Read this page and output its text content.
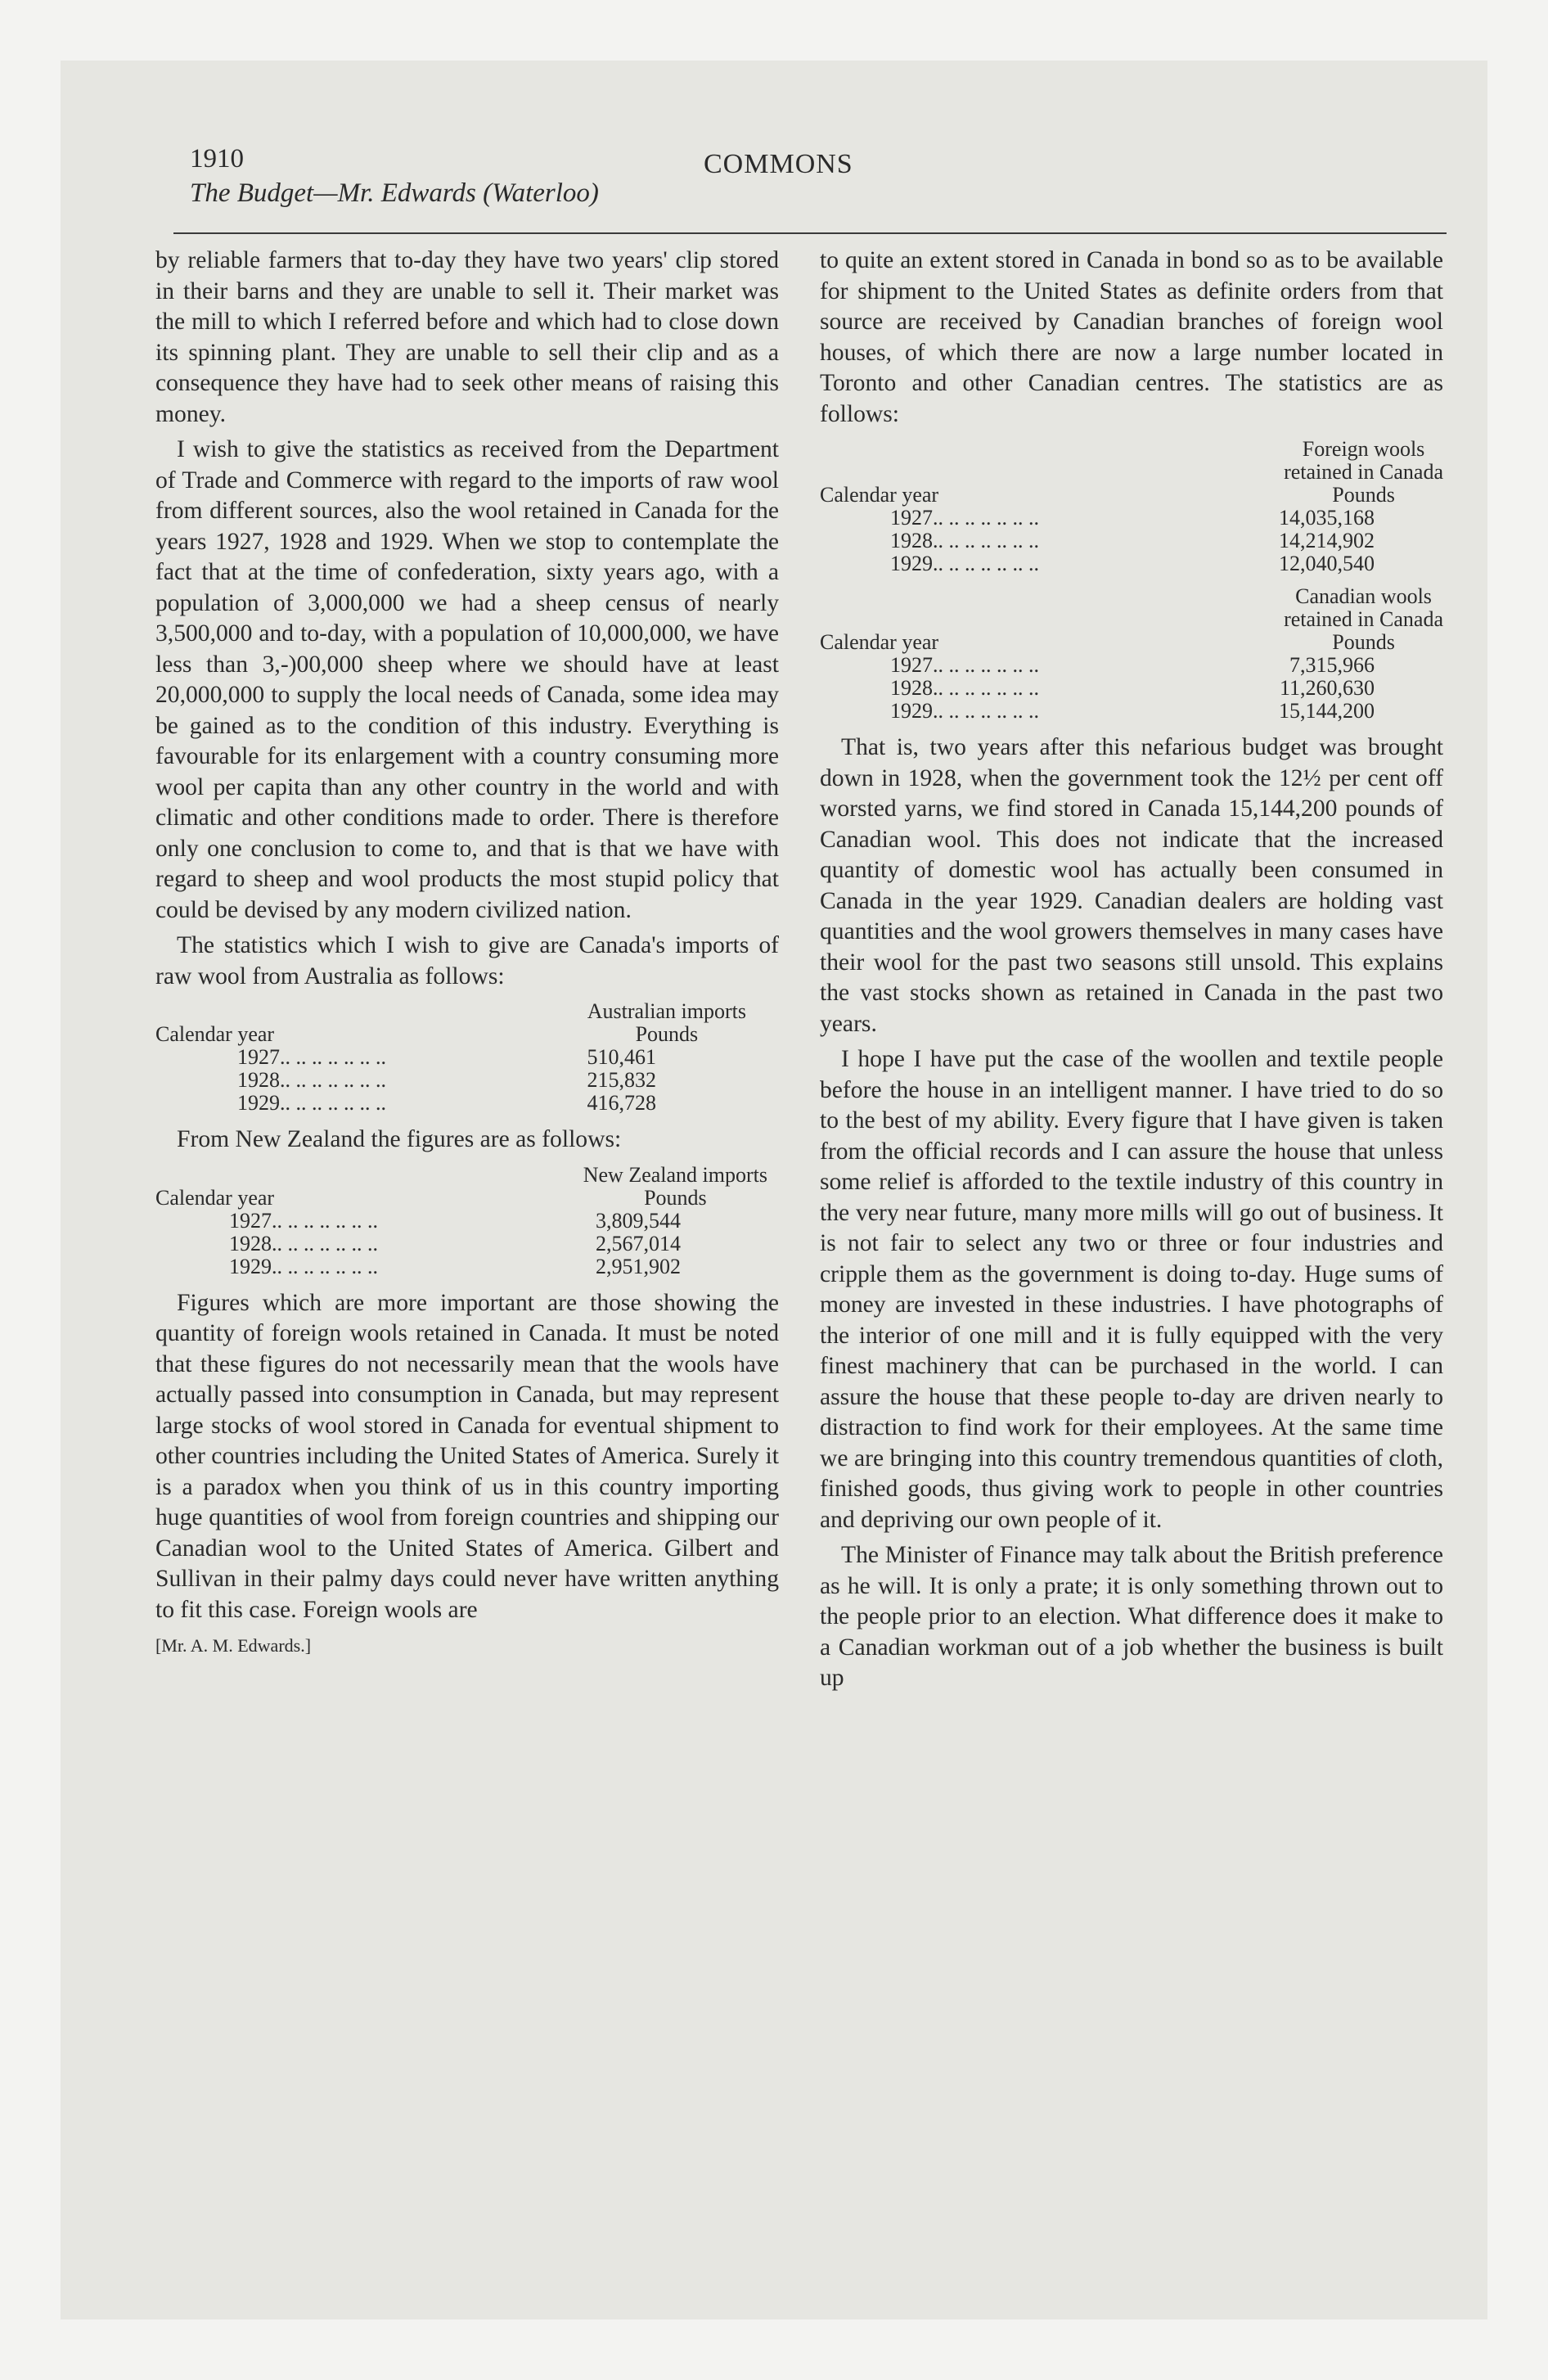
1910	COMMONS
The Budget—Mr. Edwards (Waterloo)

by reliable farmers that to-day they have two years' clip stored in their barns and they are unable to sell it. Their market was the mill to which I referred before and which had to close down its spinning plant. They are unable to sell their clip and as a consequence they have had to seek other means of raising this money.

I wish to give the statistics as received from the Department of Trade and Commerce with regard to the imports of raw wool from different sources, also the wool retained in Canada for the years 1927, 1928 and 1929. When we stop to contemplate the fact that at the time of confederation, sixty years ago, with a population of 3,000,000 we had a sheep census of nearly 3,500,000 and to-day, with a population of 10,000,000, we have less than 3,-)00,000 sheep where we should have at least 20,000,000 to supply the local needs of Canada, some idea may be gained as to the condition of this industry. Everything is favourable for its enlargement with a country consuming more wool per capita than any other country in the world and with climatic and other conditions made to order. There is therefore only one conclusion to come to, and that is that we have with regard to sheep and wool products the most stupid policy that could be devised by any modern civilized nation.

The statistics which I wish to give are Canada's imports of raw wool from Australia as follows:

Calendar year
Australian imports
Pounds
1927.. .. .. .. .. .. ..	510,461
1928.. .. .. .. .. .. ..	215,832
1929.. .. .. .. .. .. ..	416,728

From New Zealand the figures are as follows:

Calendar year
New Zealand imports
Pounds
1927.. .. .. .. .. .. ..	3,809,544
1928.. .. .. .. .. .. ..	2,567,014
1929.. .. .. .. .. .. ..	2,951,902

Figures which are more important are those showing the quantity of foreign wools retained in Canada. It must be noted that these figures do not necessarily mean that the wools have actually passed into consumption in Canada, but may represent large stocks of wool stored in Canada for eventual shipment to other countries including the United States of America. Surely it is a paradox when you think of us in this country importing huge quantities of wool from foreign countries and shipping our Canadian wool to the United States of America. Gilbert and Sullivan in their palmy days could never have written anything to fit this case. Foreign wools are

[Mr. A. M. Edwards.]

to quite an extent stored in Canada in bond so as to be available for shipment to the United States as definite orders from that source are received by Canadian branches of foreign wool houses, of which there are now a large number located in Toronto and other Canadian centres. The statistics are as follows:

Calendar year
Foreign wools
retained in Canada
Pounds
1927.. .. .. .. .. .. ..	14,035,168
1928.. .. .. .. .. .. ..	14,214,902
1929.. .. .. .. .. .. ..	12,040,540
Calendar year
Canadian wools
retained in Canada
Pounds
1927.. .. .. .. .. .. ..	7,315,966
1928.. .. .. .. .. .. ..	11,260,630
1929.. .. .. .. .. .. ..	15,144,200

That is, two years after this nefarious budget was brought down in 1928, when the government took the 12½ per cent off worsted yarns, we find stored in Canada 15,144,200 pounds of Canadian wool. This does not indicate that the increased quantity of domestic wool has actually been consumed in Canada in the year 1929. Canadian dealers are holding vast quantities and the wool growers themselves in many cases have their wool for the past two seasons still unsold. This explains the vast stocks shown as retained in Canada in the past two years.

I hope I have put the case of the woollen and textile people before the house in an intelligent manner. I have tried to do so to the best of my ability. Every figure that I have given is taken from the official records and I can assure the house that unless some relief is afforded to the textile industry of this country in the very near future, many more mills will go out of business. It is not fair to select any two or three or four industries and cripple them as the government is doing to-day. Huge sums of money are invested in these industries. I have photographs of the interior of one mill and it is fully equipped with the very finest machinery that can be purchased in the world. I can assure the house that these people to-day are driven nearly to distraction to find work for their employees. At the same time we are bringing into this country tremendous quantities of cloth, finished goods, thus giving work to people in other countries and depriving our own people of it.

The Minister of Finance may talk about the British preference as he will. It is only a prate; it is only something thrown out to the people prior to an election. What difference does it make to a Canadian workman out of a job whether the business is built up
